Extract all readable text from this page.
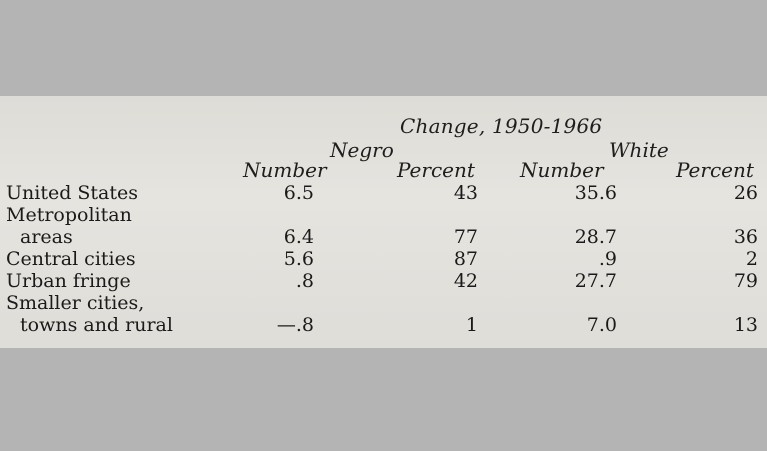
Change, 1950-1966
Negro	White
Number	Percent Number	Percent
United States	6.5	43	35.6	26
Metropolitan				
areas	6.4	77	28.7	36
Central cities	5.6	87	.9	2
Urban fringe	.8	42	27.7	79
Smaller cities,				
towns and rural	—.8	1	7.0	13
